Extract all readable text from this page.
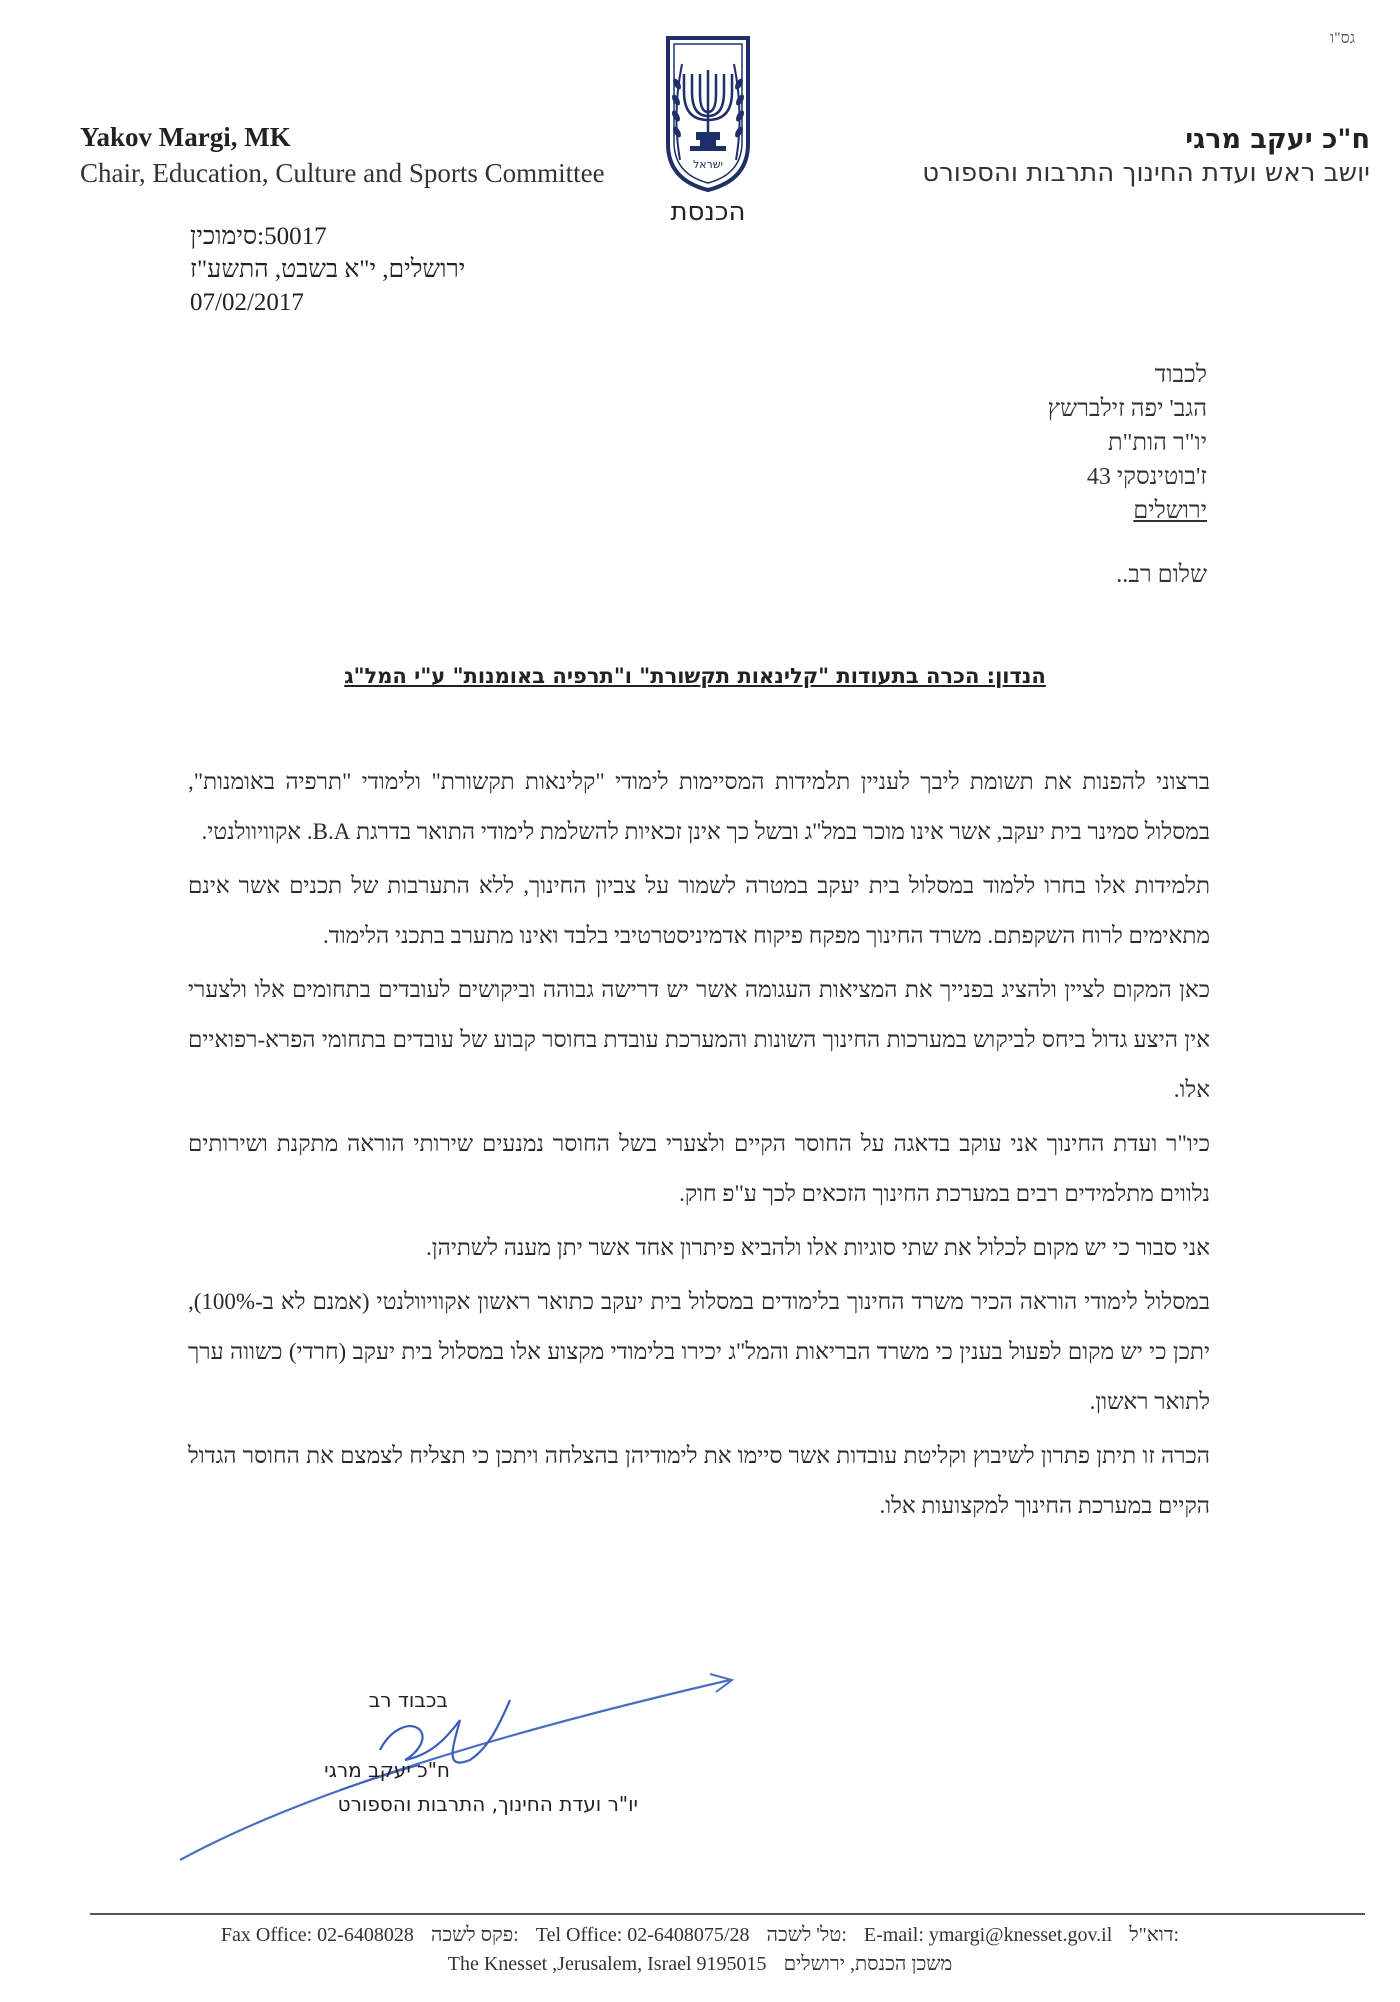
גס"ו
Yakov Margi, MK
Chair, Education, Culture and Sports Committee
ח"כ יעקב מרגי
יושב ראש ועדת החינוך התרבות והספורט
ישראל
הכנסת
50017:סימוכין
ירושלים, י"א בשבט, התשע"ז
07/02/2017
לכבוד
הגב' יפה זילברשץ
יו"ר הות"ת
ז'בוטינסקי 43
ירושלים
שלום רב..
הנדון: הכרה בתעודות "קלינאות תקשורת" ו"תרפיה באומנות" ע"י המל"ג

ברצוני להפנות את תשומת ליבך לעניין תלמידות המסיימות לימודי "קלינאות תקשורת" ולימודי "תרפיה באומנות", במסלול סמינר בית יעקב, אשר אינו מוכר במל"ג ובשל כך אינן זכאיות להשלמת לימודי התואר בדרגת B.A. אקוויוולנטי.

תלמידות אלו בחרו ללמוד במסלול בית יעקב במטרה לשמור על צביון החינוך, ללא התערבות של תכנים אשר אינם מתאימים לרוח השקפתם. משרד החינוך מפקח פיקוח אדמיניסטרטיבי בלבד ואינו מתערב בתכני הלימוד.

כאן המקום לציין ולהציג בפנייך את המציאות העגומה אשר יש דרישה גבוהה וביקושים לעובדים בתחומים אלו ולצערי אין היצע גדול ביחס לביקוש במערכות החינוך השונות והמערכת עובדת בחוסר קבוע של עובדים בתחומי הפרא-רפואיים אלו.

כיו"ר ועדת החינוך אני עוקב בדאגה על החוסר הקיים ולצערי בשל החוסר נמנעים שירותי הוראה מתקנת ושירותים נלווים מתלמידים רבים במערכת החינוך הזכאים לכך ע"פ חוק.

אני סבור כי יש מקום לכלול את שתי סוגיות אלו ולהביא פיתרון אחד אשר יתן מענה לשתיהן.

במסלול לימודי הוראה הכיר משרד החינוך בלימודים במסלול בית יעקב כתואר ראשון אקוויוולנטי (אמנם לא ב-100%), יתכן כי יש מקום לפעול בענין כי משרד הבריאות והמל"ג יכירו בלימודי מקצוע אלו במסלול בית יעקב (חרדי) כשווה ערך לתואר ראשון.

הכרה זו תיתן פתרון לשיבוץ וקליטת עובדות אשר סיימו את לימודיהן בהצלחה ויתכן כי תצליח לצמצם את החוסר הגדול הקיים במערכת החינוך למקצועות אלו.

בכבוד רב
ח"כ יעקב מרגי
יו"ר ועדת החינוך, התרבות והספורט
Fax Office: 02-6408028 :פקס לשכה Tel Office: 02-6408075/28 :טל' לשכה E-mail: ymargi@knesset.gov.il :דוא"ל
The Knesset ,Jerusalem, Israel 9195015 משכן הכנסת, ירושלים
